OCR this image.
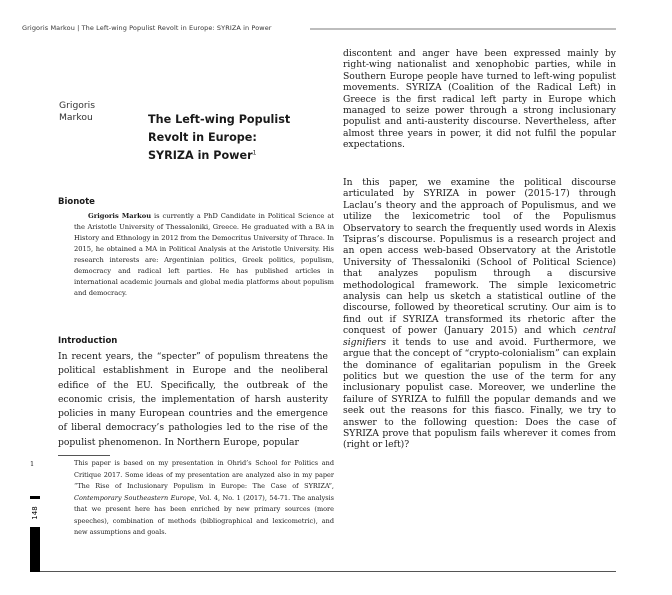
Grigoris Markou | The Left-wing Populist Revolt in Europe: SYRIZA in Power
Grigoris
Markou	The Left-wing Populist
Revolt in Europe:
SYRIZA in Power$^1$
Bionote
Grigoris Markou is currently a PhD Candidate in Political Science at the Aristotle University of Thessaloniki, Greece. He graduated with a BA in History and Ethnology in 2012 from the Democritus University of Thrace. In 2015, he obtained a MA in Political Analysis at the Aristotle University. His research interests are: Argentinian politics, Greek politics, populism, democracy and radical left parties. He has published articles in international academic journals and global media platforms about populism and democracy.
Introduction
In recent years, the “specter” of populism threatens the political establishment in Europe and the neoliberal edifice of the EU. Specifically, the outbreak of the economic crisis, the implementation of harsh austerity policies in many European countries and the emergence of liberal democracy’s pathologies led to the rise of the populist phenomenon. In Northern Europe, popular
1	This paper is based on my presentation in Ohrid’s School for Politics and Critique 2017. Some ideas of my presentation are analyzed also in my paper “The Rise of Inclusionary Populism in Europe: The Case of SYRIZA”, Contemporary Southeastern Europe, Vol. 4, No. 1 (2017), 54-71. The analysis that we present here has been enriched by new primary sources (more speeches), combination of methods (bibliographical and lexicometric), and new assumptions and goals.

discontent and anger have been expressed mainly by right-wing nationalist and xenophobic parties, while in Southern Europe people have turned to left-wing populist movements. SYRIZA (Coalition of the Radical Left) in Greece is the first radical left party in Europe which managed to seize power through a strong inclusionary populist and anti-austerity discourse. Nevertheless, after almost three years in power, it did not fulfil the popular expectations.

In this paper, we examine the political discourse articulated by SYRIZA in power (2015-17) through Laclau’s theory and the approach of Populismus, and we utilize the lexicometric tool of the Populismus Observatory to search the frequently used words in Alexis Tsipras’s discourse. Populismus is a research project and an open access web-based Observatory at the Aristotle University of Thessaloniki (School of Political Science) that analyzes populism through a discursive methodological framework. The simple lexicometric analysis can help us sketch a statistical outline of the discourse, followed by theoretical scrutiny. Our aim is to find out if SYRIZA transformed its rhetoric after the conquest of power (January 2015) and which central signifiers it tends to use and avoid. Furthermore, we argue that the concept of “crypto-colonialism” can explain the dominance of egalitarian populism in the Greek politics but we question the use of the term for any inclusionary populist case. Moreover, we underline the failure of SYRIZA to fulfill the popular demands and we seek out the reasons for this fiasco. Finally, we try to answer to the following question: Does the case of SYRIZA prove that populism fails wherever it comes from (right or left)?

148
